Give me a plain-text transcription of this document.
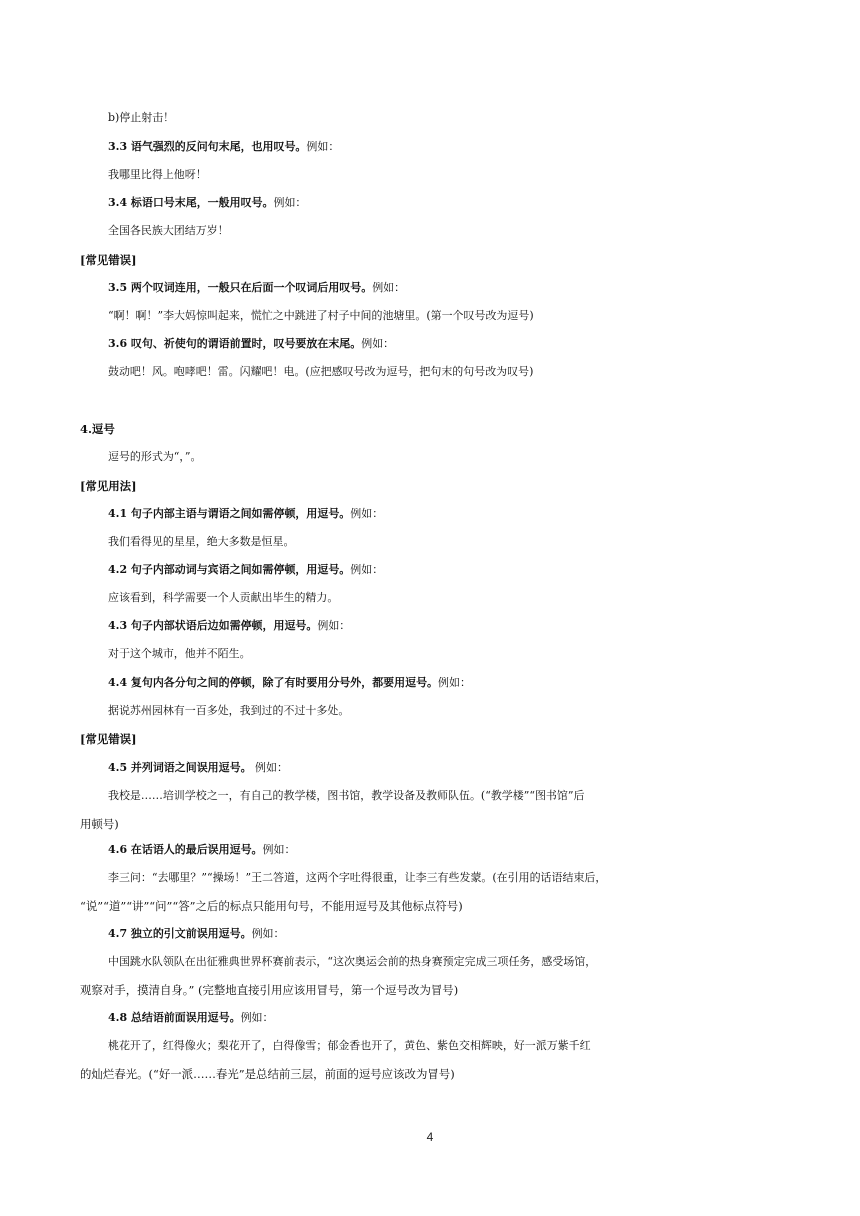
b)停止射击！
3.3 语气强烈的反问句末尾，也用叹号。例如：
我哪里比得上他呀！
3.4 标语口号末尾，一般用叹号。例如：
全国各民族大团结万岁！
[常见错误]
3.5 两个叹词连用，一般只在后面一个叹词后用叹号。例如：
“啊！啊！”李大妈惊叫起来，慌忙之中跳进了村子中间的池塘里。(第一个叹号改为逗号)
3.6 叹句、祈使句的谓语前置时，叹号要放在末尾。例如：
鼓动吧！风。咆哮吧！雷。闪耀吧！电。(应把感叹号改为逗号，把句末的句号改为叹号)
4.逗号
逗号的形式为“，”。
[常见用法]
4.1 句子内部主语与谓语之间如需停顿，用逗号。例如：
我们看得见的星星，绝大多数是恒星。
4.2 句子内部动词与宾语之间如需停顿，用逗号。例如：
应该看到，科学需要一个人贡献出毕生的精力。
4.3 句子内部状语后边如需停顿，用逗号。例如：
对于这个城市，他并不陌生。
4.4 复句内各分句之间的停顿，除了有时要用分号外，都要用逗号。例如：
据说苏州园林有一百多处，我到过的不过十多处。
[常见错误]
4.5 并列词语之间误用逗号。 例如：
我校是……培训学校之一，有自己的教学楼，图书馆，教学设备及教师队伍。(“教学楼”“图书馆”后
用顿号)
4.6 在话语人的最后误用逗号。例如：
李三问：“去哪里？”“操场！”王二答道，这两个字吐得很重，让李三有些发蒙。(在引用的话语结束后，
“说”“道”“讲”“问”“答”之后的标点只能用句号，不能用逗号及其他标点符号)
4.7 独立的引文前误用逗号。例如：
中国跳水队领队在出征雅典世界杯赛前表示，“这次奥运会前的热身赛预定完成三项任务，感受场馆，
观察对手，摸清自身。” (完整地直接引用应该用冒号，第一个逗号改为冒号)
4.8 总结语前面误用逗号。例如：
桃花开了，红得像火；梨花开了，白得像雪；郁金香也开了，黄色、紫色交相辉映，好一派万紫千红
的灿烂春光。(“好一派……春光”是总结前三层，前面的逗号应该改为冒号)
4
